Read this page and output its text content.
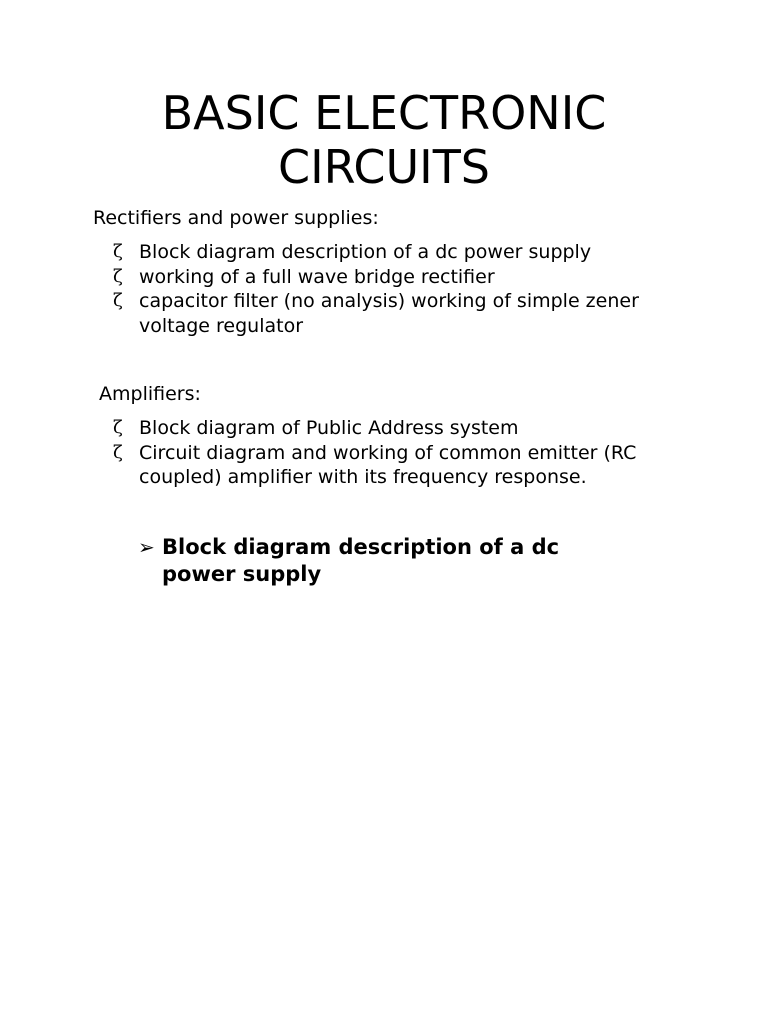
BASIC ELECTRONIC
CIRCUITS

Rectifiers and power supplies:

ζ Block diagram description of a dc power supply
ζ working of a full wave bridge rectifier
ζ capacitor filter (no analysis) working of simple zener voltage regulator

Amplifiers:

ζ Block diagram of Public Address system
ζ Circuit diagram and working of common emitter (RC coupled) amplifier with its frequency response.
➢ Block diagram description of a dc power supply
